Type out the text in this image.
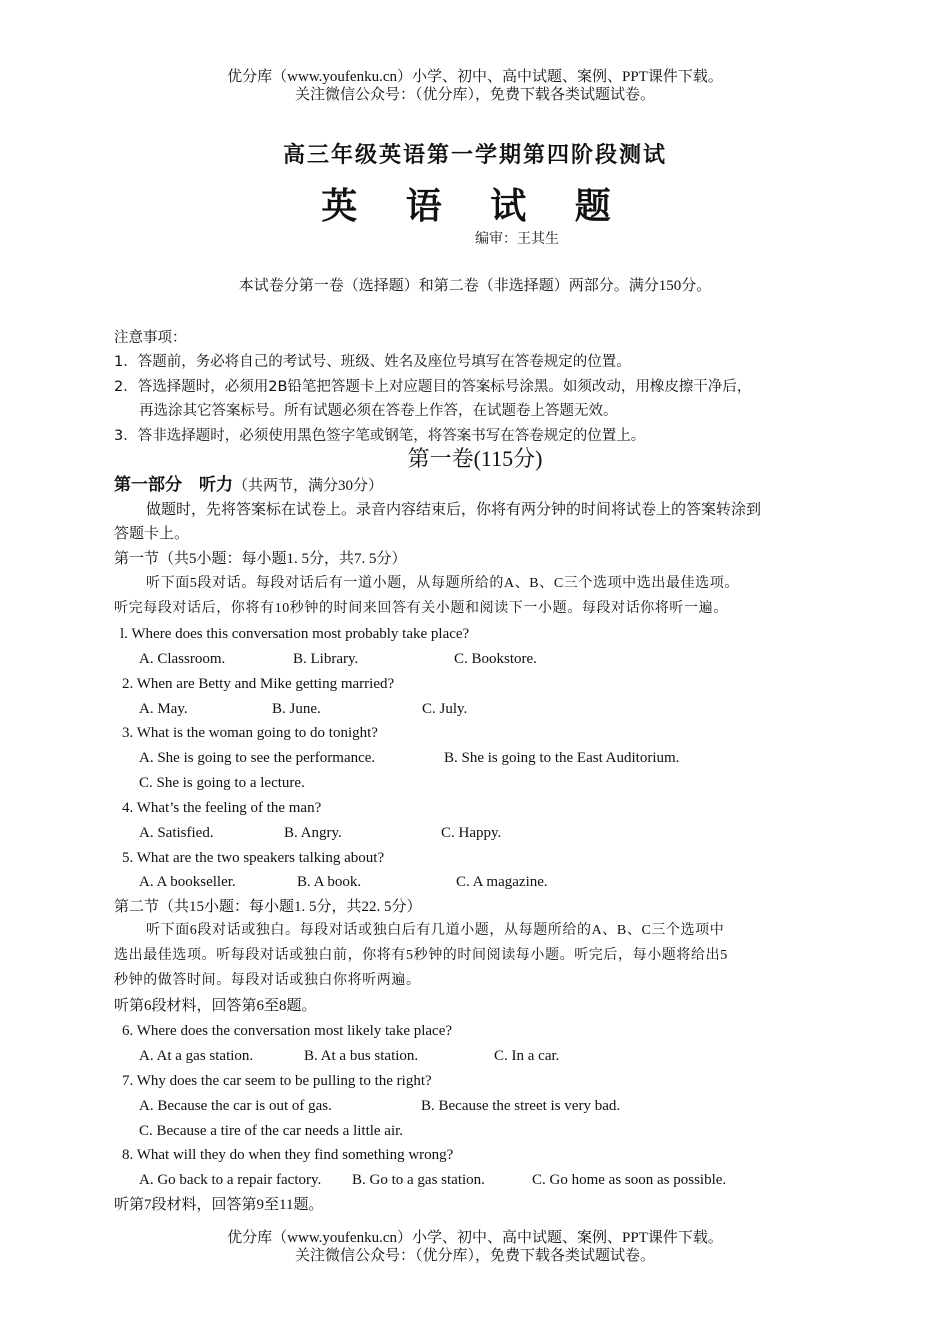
优分库（www.youfenku.cn）小学、初中、高中试题、案例、PPT课件下载。
关注微信公众号：（优分库），免费下载各类试题试卷。
高三年级英语第一学期第四阶段测试
英 语 试 题
编审：王其生
本试卷分第一卷（选择题）和第二卷（非选择题）两部分。满分150分。
注意事项：
1．答题前，务必将自己的考试号、班级、姓名及座位号填写在答卷规定的位置。
2．答选择题时，必须用2B铅笔把答题卡上对应题目的答案标号涂黑。如须改动，用橡皮擦干净后，
再选涂其它答案标号。所有试题必须在答卷上作答，在试题卷上答题无效。
3．答非选择题时，必须使用黑色签字笔或钢笔，将答案书写在答卷规定的位置上。
第一卷(115分)
第一部分　听力（共两节，满分30分）
做题时，先将答案标在试卷上。录音内容结束后，你将有两分钟的时间将试卷上的答案转涂到
答题卡上。
第一节（共5小题：每小题1. 5分，共7. 5分）
听下面5段对话。每段对话后有一道小题，从每题所给的A、B、C三个选项中选出最佳选项。
听完每段对话后，你将有10秒钟的时间来回答有关小题和阅读下一小题。每段对话你将听一遍。
l. Where does this conversation most probably take place?
A. Classroom.	B. Library.	C. Bookstore.
2. When are Betty and Mike getting married?
A. May.	B. June.	C. July.
3. What is the woman going to do tonight?
A. She is going to see the performance.	B. She is going to the East Auditorium.
C. She is going to a lecture.
4. What’s the feeling of the man?
A. Satisfied.	B. Angry.	C. Happy.
5. What are the two speakers talking about?
A. A bookseller.	B. A book.	C. A magazine.
第二节（共15小题：每小题1. 5分，共22. 5分）
听下面6段对话或独白。每段对话或独白后有几道小题，从每题所给的A、B、C三个选项中
选出最佳选项。听每段对话或独白前，你将有5秒钟的时间阅读每小题。听完后，每小题将给出5
秒钟的做答时间。每段对话或独白你将听两遍。
听第6段材料，回答第6至8题。
6. Where does the conversation most likely take place?
A. At a gas station.	B. At a bus station.	C. In a car.
7. Why does the car seem to be pulling to the right?
A. Because the car is out of gas.	B. Because the street is very bad.
C. Because a tire of the car needs a little air.
8. What will they do when they find something wrong?
A. Go back to a repair factory. B. Go to a gas station.	C. Go home as soon as possible.
听第7段材料，回答第9至11题。
优分库（www.youfenku.cn）小学、初中、高中试题、案例、PPT课件下载。
关注微信公众号：（优分库），免费下载各类试题试卷。
